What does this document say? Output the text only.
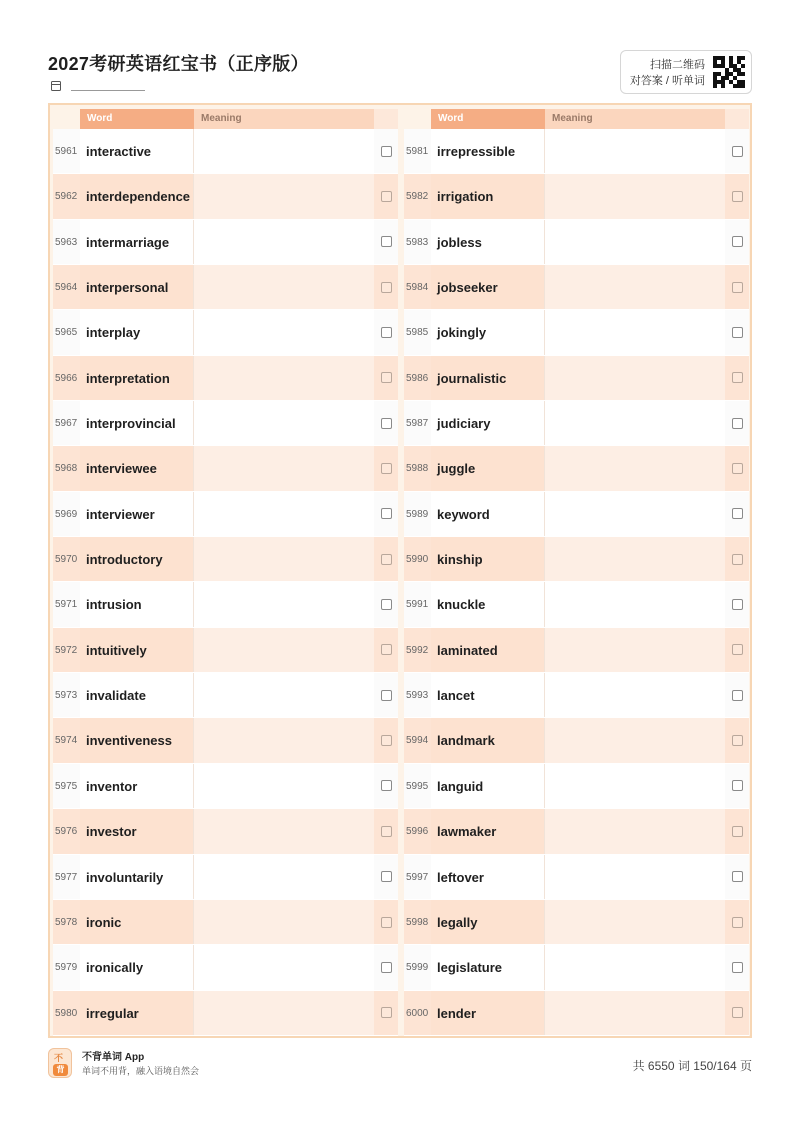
2027考研英语红宝书（正序版）	扫描二维码
对答案 / 听单词
Word	Meaning
5961 interactive
5962 interdependence
5963 intermarriage
5964 interpersonal
5965 interplay
5966 interpretation
5967 interprovincial
5968 interviewee
5969 interviewer
5970 introductory
5971 intrusion
5972 intuitively
5973 invalidate
5974 inventiveness
5975 inventor
5976 investor
5977 involuntarily
5978 ironic
5979 ironically
5980 irregular
Word	Meaning
5981 irrepressible
5982 irrigation
5983 jobless
5984 jobseeker
5985 jokingly
5986 journalistic
5987 judiciary
5988 juggle
5989 keyword
5990 kinship
5991 knuckle
5992 laminated
5993 lancet
5994 landmark
5995 languid
5996 lawmaker
5997 leftover
5998 legally
5999 legislature
6000 lender
不
背
不背单词 App
单词不用背，融入语境自然会	共 6550 词 150/164 页
